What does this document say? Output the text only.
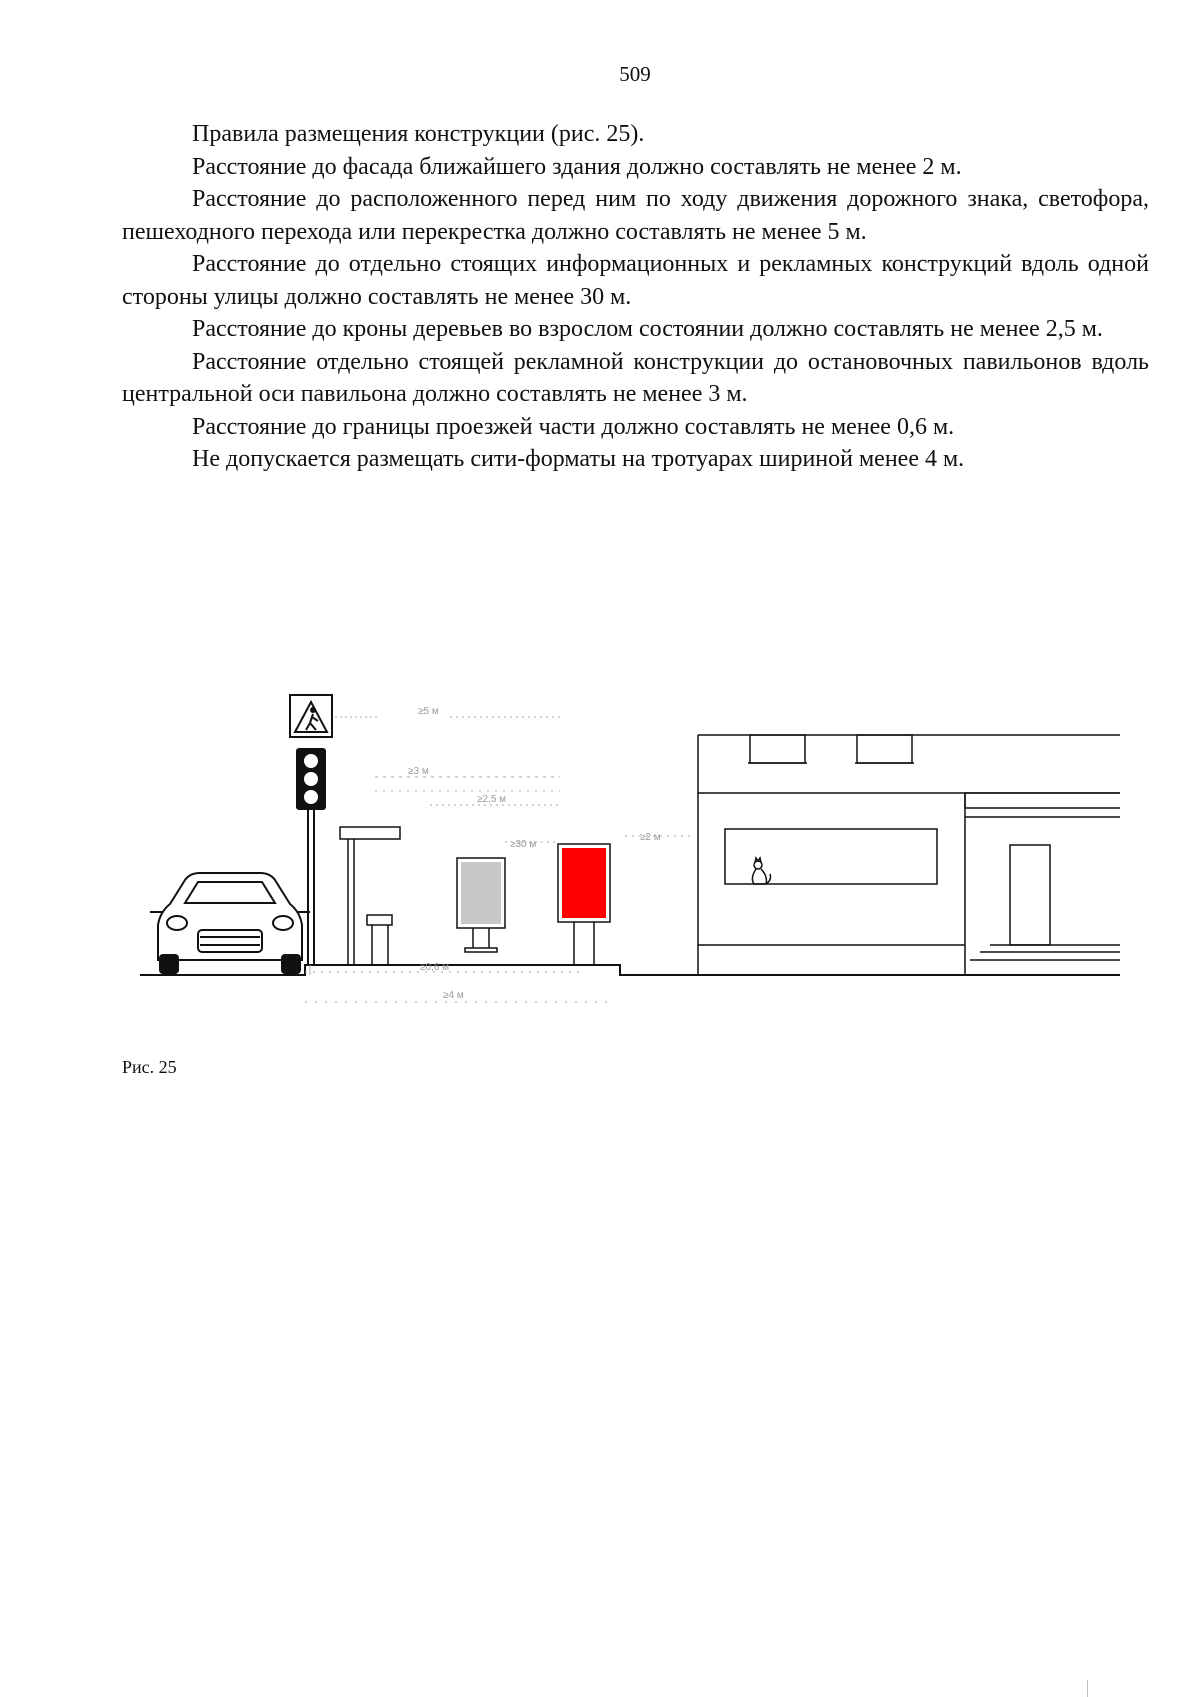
509

Правила размещения конструкции (рис. 25).

Расстояние до фасада ближайшего здания должно составлять не менее 2 м.

Расстояние до расположенного перед ним по ходу движения дорожного знака, светофора, пешеходного перехода или перекрестка должно составлять не менее 5 м.

Расстояние до отдельно стоящих информационных и рекламных конструкций вдоль одной стороны улицы должно составлять не менее 30 м.

Расстояние до кроны деревьев во взрослом состоянии должно составлять не менее 2,5 м.

Расстояние отдельно стоящей рекламной конструкции до остановочных павильонов вдоль центральной оси павильона должно составлять не менее 3 м.

Расстояние до границы проезжей части должно составлять не менее 0,6 м.

Не допускается размещать сити-форматы на тротуарах шириной менее 4 м.

≥5 м
≥3 м
≥2,5 м
≥30 м
≥2 м
≥0,6 м
≥4 м
Рис. 25
